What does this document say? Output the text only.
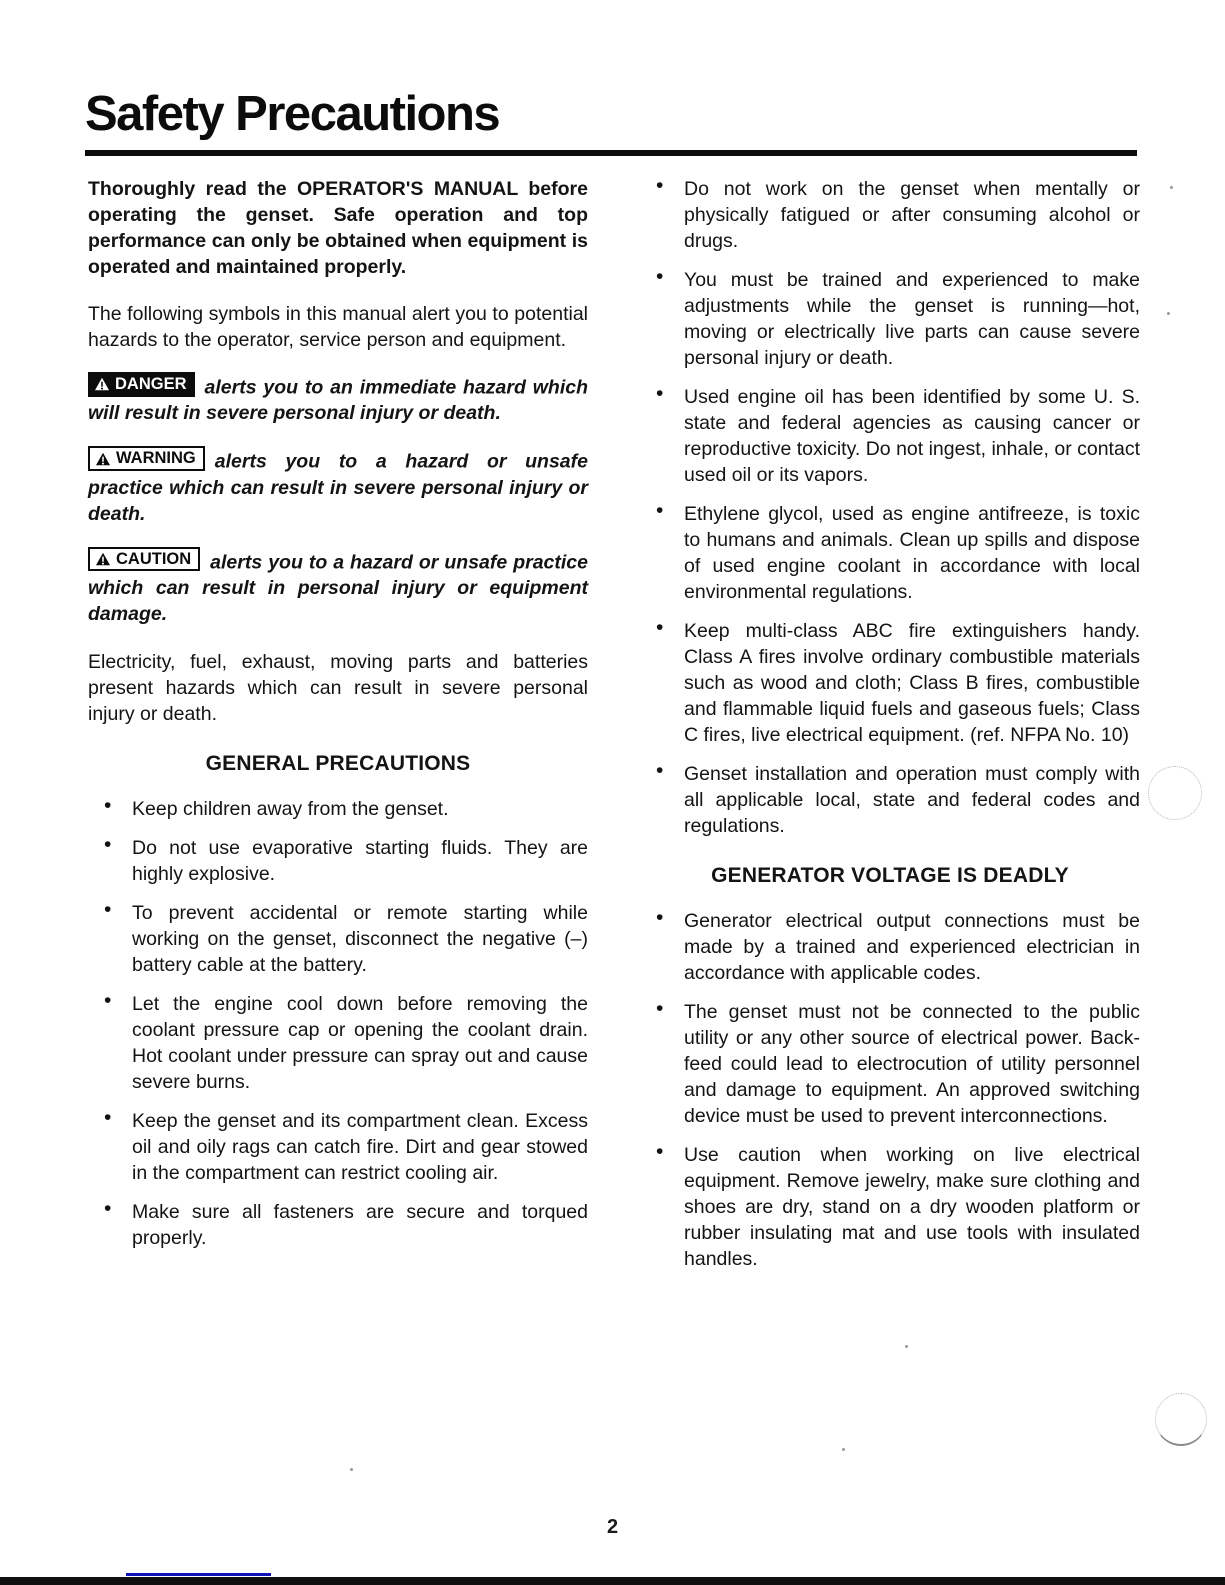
Safety Precautions

Thoroughly read the OPERATOR'S MANUAL before operating the genset. Safe operation and top performance can only be obtained when equipment is operated and maintained properly.

The following symbols in this manual alert you to potential hazards to the operator, service person and equipment.

DANGER alerts you to an immediate hazard which will result in severe personal injury or death.
WARNING alerts you to a hazard or unsafe practice which can result in severe personal injury or death.
CAUTION alerts you to a hazard or unsafe practice which can result in personal injury or equipment damage.

Electricity, fuel, exhaust, moving parts and batteries present hazards which can result in severe personal injury or death.

GENERAL PRECAUTIONS
• Keep children away from the genset.
• Do not use evaporative starting fluids. They are highly explosive.
• To prevent accidental or remote starting while working on the genset, disconnect the negative (–) battery cable at the battery.
• Let the engine cool down before removing the coolant pressure cap or opening the coolant drain. Hot coolant under pressure can spray out and cause severe burns.
• Keep the genset and its compartment clean. Excess oil and oily rags can catch fire. Dirt and gear stowed in the compartment can restrict cooling air.
• Make sure all fasteners are secure and torqued properly.
• Do not work on the genset when mentally or physically fatigued or after consuming alcohol or drugs.
• You must be trained and experienced to make adjustments while the genset is running—hot, moving or electrically live parts can cause severe personal injury or death.
• Used engine oil has been identified by some U. S. state and federal agencies as causing cancer or reproductive toxicity. Do not ingest, inhale, or contact used oil or its vapors.
• Ethylene glycol, used as engine antifreeze, is toxic to humans and animals. Clean up spills and dispose of used engine coolant in accordance with local environmental regulations.
• Keep multi-class ABC fire extinguishers handy. Class A fires involve ordinary combustible materials such as wood and cloth; Class B fires, combustible and flammable liquid fuels and gaseous fuels; Class C fires, live electrical equipment. (ref. NFPA No. 10)
• Genset installation and operation must comply with all applicable local, state and federal codes and regulations.
GENERATOR VOLTAGE IS DEADLY
• Generator electrical output connections must be made by a trained and experienced electrician in accordance with applicable codes.
• The genset must not be connected to the public utility or any other source of electrical power. Back-feed could lead to electrocution of utility personnel and damage to equipment. An approved switching device must be used to prevent interconnections.
• Use caution when working on live electrical equipment. Remove jewelry, make sure clothing and shoes are dry, stand on a dry wooden platform or rubber insulating mat and use tools with insulated handles.
2
